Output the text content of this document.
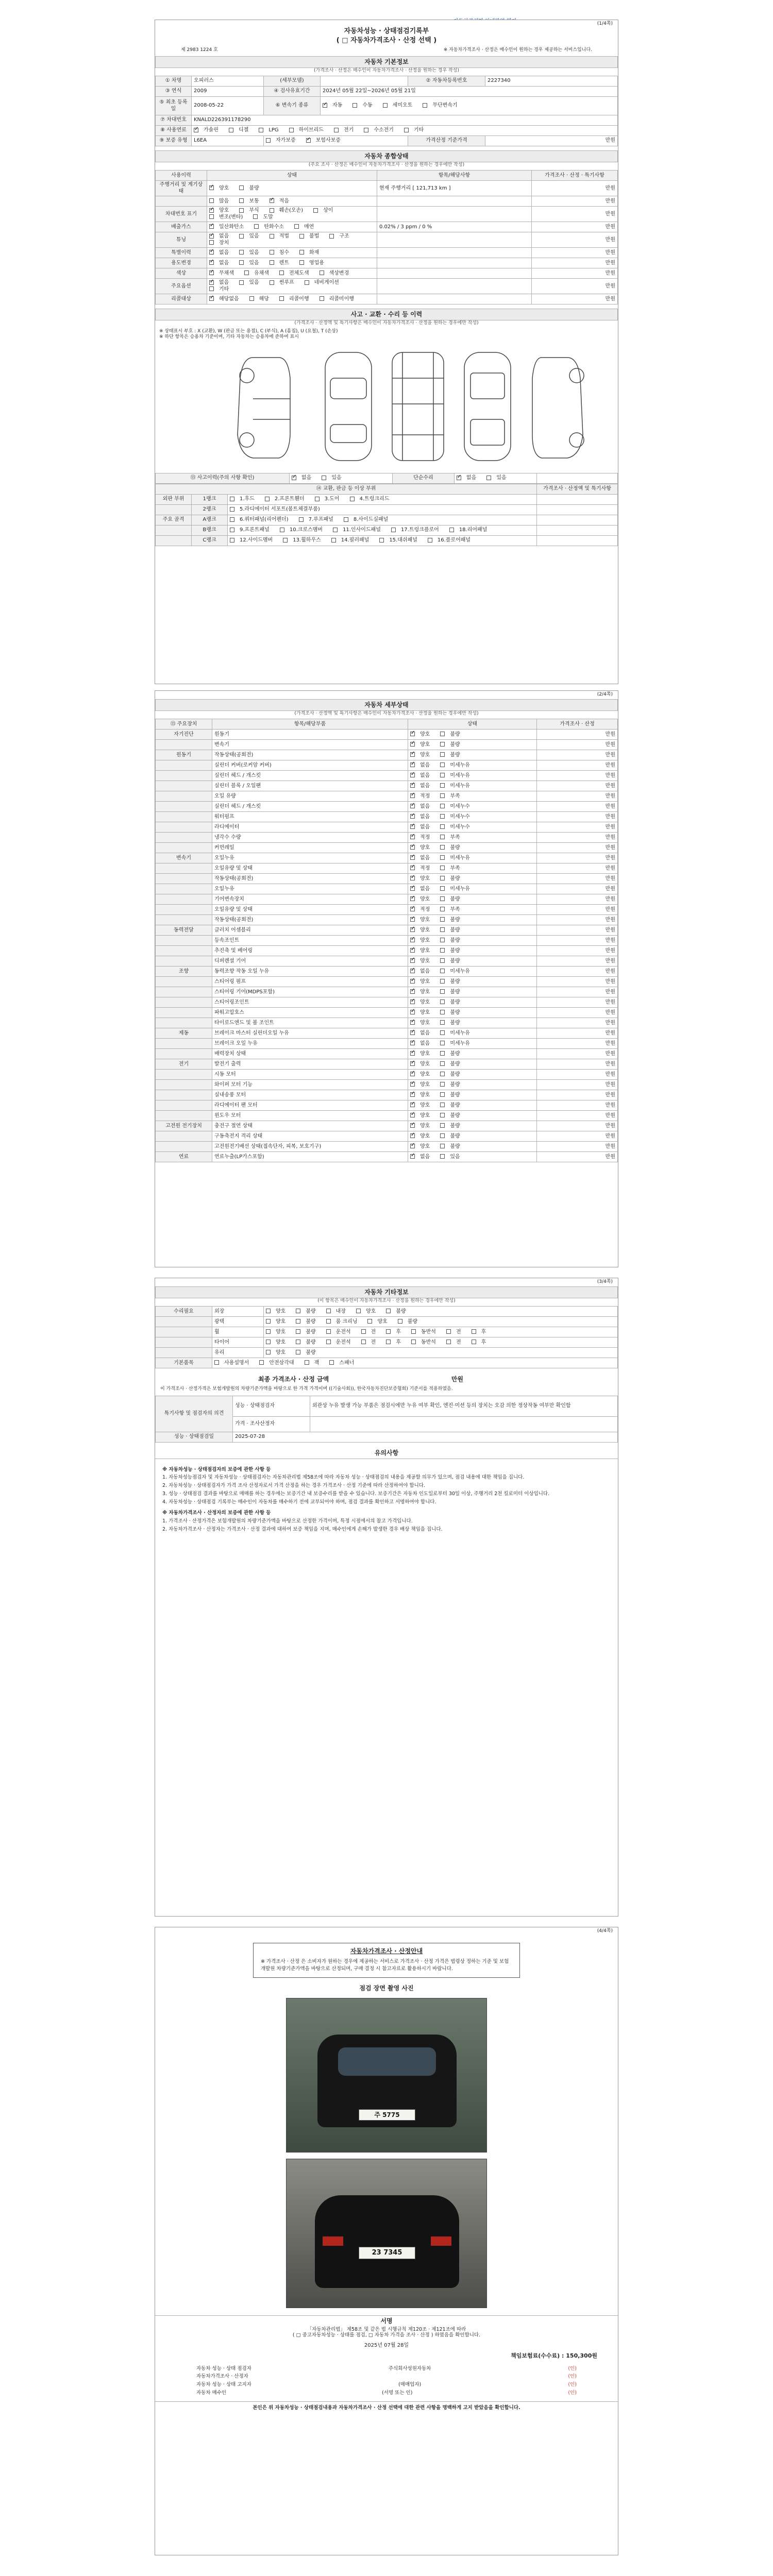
(1/4쪽)
자동차성능 · 상태점검기록부
( □ 자동차가격조사 · 산정 선택 )
제 2983 1224 호	※ 자동차가격조사 · 산정은 매수인이 원하는 경우 제공하는 서비스입니다.
자동차 기본정보
(가격조사 · 산정은 매수인이 자동차가격조사 · 산정을 원하는 경우 작성)
① 차명	오피러스	(세부모델)		② 자동차등록번호	2227340
③ 연식	2009	④ 검사유효기간	2024년 05월 22일~2026년 05월 21일		
⑤ 최초 등록일	2008-05-22	⑥ 변속기 종류	✓자동 수동 세미오토 무단변속기
⑦ 차대번호	KNALD226391178290				
⑧ 사용연료	✓가솔린 디젤 LPG 하이브리드 전기 수소전기 기타
⑨ 보증 유형	L6EA	자가보증 ✓ 보험사보증		가격산정 기준가격	만원
자동차 종합상태
(주요 조사 · 산정은 매수인이 자동차가격조사 · 산정을 원하는 경우에만 작성)
사용이력	상태	항목/해당사항	가격조사 · 산정 · 특기사항
주행거리 및 계기상태	✓양호 불량	현재 주행거리 [ 121,713 km ]	만원
	많음 보통 ✓ 적음		만원
차대번호 표기	✓양호 부식 훼손(오손) 상이변조(변타) 도말		만원
배출가스	✓일산화탄소 탄화수소 매연	0.02% / 3 ppm / 0 %	만원
튜닝	✓없음 있음 적법 불법 구조장치		만원
특별이력	✓없음 있음 침수 화재		만원
용도변경	✓없음 있음 렌트 영업용		만원
색상	✓무채색 유채색 전체도색 색상변경		만원
주요옵션	✓없음 있음 썬루프 네비게이션기타		만원
리콜대상	✓해당없음 해당 리콜이행 리콜미이행		만원
사고 · 교환 · 수리 등 이력
(가격조사 · 산정액 및 특기사항은 매수인이 자동차가격조사 · 산정을 원하는 경우에만 작성)
※ 상태표시 부호 : X (교환), W (판금 또는 용접), C (부식), A (흠집), U (요철), T (손상)
※ 하단 항목은 승용차 기준이며, 기타 자동차는 승용차에 준하여 표시
⑬ 사고이력(주의 사항 확인)	✓없음	있음	단순수리	✓없음	있음	
⑭ 교환, 판금 등 이상 부위			가격조사 · 산정액 및 특기사항
외판 부위	1랭크	1.후드 2.프론트휀더 3.도어 4.트렁크리드	
	2랭크	5.라디에이터 서포트(볼트체결부품)	
주요 골격	A랭크	6.쿼터패널(리어펜더) 7.루프패널 8.사이드실패널	
	B랭크	9.프론트패널 10.크로스멤버 11.인사이드패널 17.트렁크플로어 18.리어패널	
	C랭크	12.사이드멤버 13.휠하우스 14.필러패널 15.대쉬패널 16.플로어패널	
(2/4쪽)
자동차 세부상태
(가격조사 · 산정액 및 특기사항은 매수인이 자동차가격조사 · 산정을 원하는 경우에만 작성)
⑬ 주요장치	항목/해당부품	상태	가격조사 · 산정
자기진단	원동기	✓양호 불량	만원
	변속기	✓양호 불량	만원
원동기	작동상태(공회전)	✓양호 불량	만원
	실린더 커버(로커암 커버)	✓없음 미세누유	만원
	실린더 헤드 / 개스킷	✓없음 미세누유	만원
	실린더 블록 / 오일팬	✓없음 미세누유	만원
	오일 유량	✓적정 부족	만원
	실린더 헤드 / 개스킷	✓없음 미세누수	만원
	워터펌프	✓없음 미세누수	만원
	라디에이터	✓없음 미세누수	만원
	냉각수 수량	✓적정 부족	만원
	커먼레일	✓양호 불량	만원
변속기	오일누유	✓없음 미세누유	만원
	오일유량 및 상태	✓적정 부족	만원
	작동상태(공회전)	✓양호 불량	만원
	오일누유	✓없음 미세누유	만원
	기어변속장치	✓양호 불량	만원
	오일유량 및 상태	✓적정 부족	만원
	작동상태(공회전)	✓양호 불량	만원
동력전달	클러치 어셈블리	✓양호 불량	만원
	등속조인트	✓양호 불량	만원
	추진축 및 베어링	✓양호 불량	만원
	디퍼렌셜 기어	✓양호 불량	만원
조향	동력조향 작동 오일 누유	✓없음 미세누유	만원
	스티어링 펌프	✓양호 불량	만원
	스티어링 기어(MDPS포함)	✓양호 불량	만원
	스티어링조인트	✓양호 불량	만원
	파워고압호스	✓양호 불량	만원
	타이로드엔드 및 볼 조인트	✓양호 불량	만원
제동	브레이크 마스터 실린더오일 누유	✓없음 미세누유	만원
	브레이크 오일 누유	✓없음 미세누유	만원
	배력장치 상태	✓양호 불량	만원
전기	발전기 출력	✓양호 불량	만원
	시동 모터	✓양호 불량	만원
	와이퍼 모터 기능	✓양호 불량	만원
	실내송풍 모터	✓양호 불량	만원
	라디에이터 팬 모터	✓양호 불량	만원
	윈도우 모터	✓양호 불량	만원
고전원 전기장치	충전구 절연 상태	✓양호 불량	만원
	구동축전지 격리 상태	✓양호 불량	만원
	고전원전기배선 상태(접속단자, 피복, 보호기구)	✓양호 불량	만원
연료	연료누출(LP가스포함)	✓없음 있음	만원
(3/4쪽)
자동차 기타정보
(이 항목은 매수인이 자동차가격조사 · 산정을 원하는 경우에만 작성)
수리필요	외장	양호 불량 내장 양호 불량
	광택	양호 불량 룸 크리닝 양호 불량
	휠	양호 불량 운전석 전 후 동반석 전 후
	타이어	양호 불량 운전석 전 후 동반석 전 후
	유리	양호 불량
기본품목	사용설명서 안전삼각대 잭 스패너	
최종 가격조사 · 산정 금액	만원
이 가격조사 · 산정가격은 보험개발원의 차량기준가액을 바탕으로 한 가격 가격이며 ((기술사회)), 한국자동차진단보증협회) 기준서를 적용하였음.
특기사항 및 점검자의 의견	성능 · 상태점검자	외관상 누유 발생 가능 부품은 점검시에만 누유 여부 확인, 엔진·미션 등의 장치는 오감 의한 정상작동 여부만 확인함
	가격 · 조사산정자	
성능 · 상태점검일	2025-07-28	
유의사항

※ 자동차성능 · 상태점검자의 보증에 관한 사항 등

1. 자동차성능점검자 및 자동차성능 · 상태점검자는 자동차관리법 제58조에 따라 자동차 성능 · 상태점검의 내용을 제공할 의무가 있으며, 점검 내용에 대한 책임을 집니다.

2. 자동차성능 · 상태점검자가 가격 조사 산정자로서 가격 산정을 하는 경우 가격조사 · 산정 기준에 따라 산정하여야 합니다.

3. 성능 · 상태점검 결과를 바탕으로 매매를 하는 경우에는 보증기간 내 보증수리를 받을 수 있습니다. 보증기간은 자동차 인도일로부터 30일 이상, 주행거리 2천 킬로미터 이상입니다.

4. 자동차성능 · 상태점검 기록부는 매수인이 자동차를 매수하기 전에 교부되어야 하며, 점검 결과를 확인하고 서명하여야 합니다.

※ 자동차가격조사 · 산정자의 보증에 관한 사항 등

1. 가격조사 · 산정가격은 보험개발원의 차량기준가액을 바탕으로 산정한 가격이며, 특정 시점에서의 참고 가격입니다.

2. 자동차가격조사 · 산정자는 가격조사 · 산정 결과에 대하여 보증 책임을 지며, 매수인에게 손해가 발생한 경우 배상 책임을 집니다.

(4/4쪽)
자동차가격조사 · 산정안내
※ 가격조사 · 산정 은 소비자가 원하는 경우에 제공하는 서비스로 가격조사 · 산정 가격은 법령상 정하는 기준 및 보험개발원 차량기준가액을 바탕으로 산정되며, 구매 결정 시 참고자료로 활용하시기 바랍니다.
점검 장면 촬영 사진
주 5775
23 7345
서명
「자동차관리법」 제58조 및 같은 법 시행규칙 제120조 · 제121조에 따라
( □ 중고자동차성능 · 상태를 점검, □ 자동차 가격을 조사 · 산정 ) 하였음을 확인합니다.
2025년 07월 28일
책임보험료(수수료) : 150,300원
자동차 성능 · 상태 점검자	주식회사성원자동차	(인)
자동차가격조사 · 산정자	(인)
자동차 성능 · 상태 고지자	(매매업자)	(인)
자동차 매수인	(서명 또는 인)	(인)
본인은 위 자동차성능 · 상태점검내용과 자동차가격조사 · 산정 선택에 대한 관련 사항을 명백하게 고지 받았음을 확인합니다.
